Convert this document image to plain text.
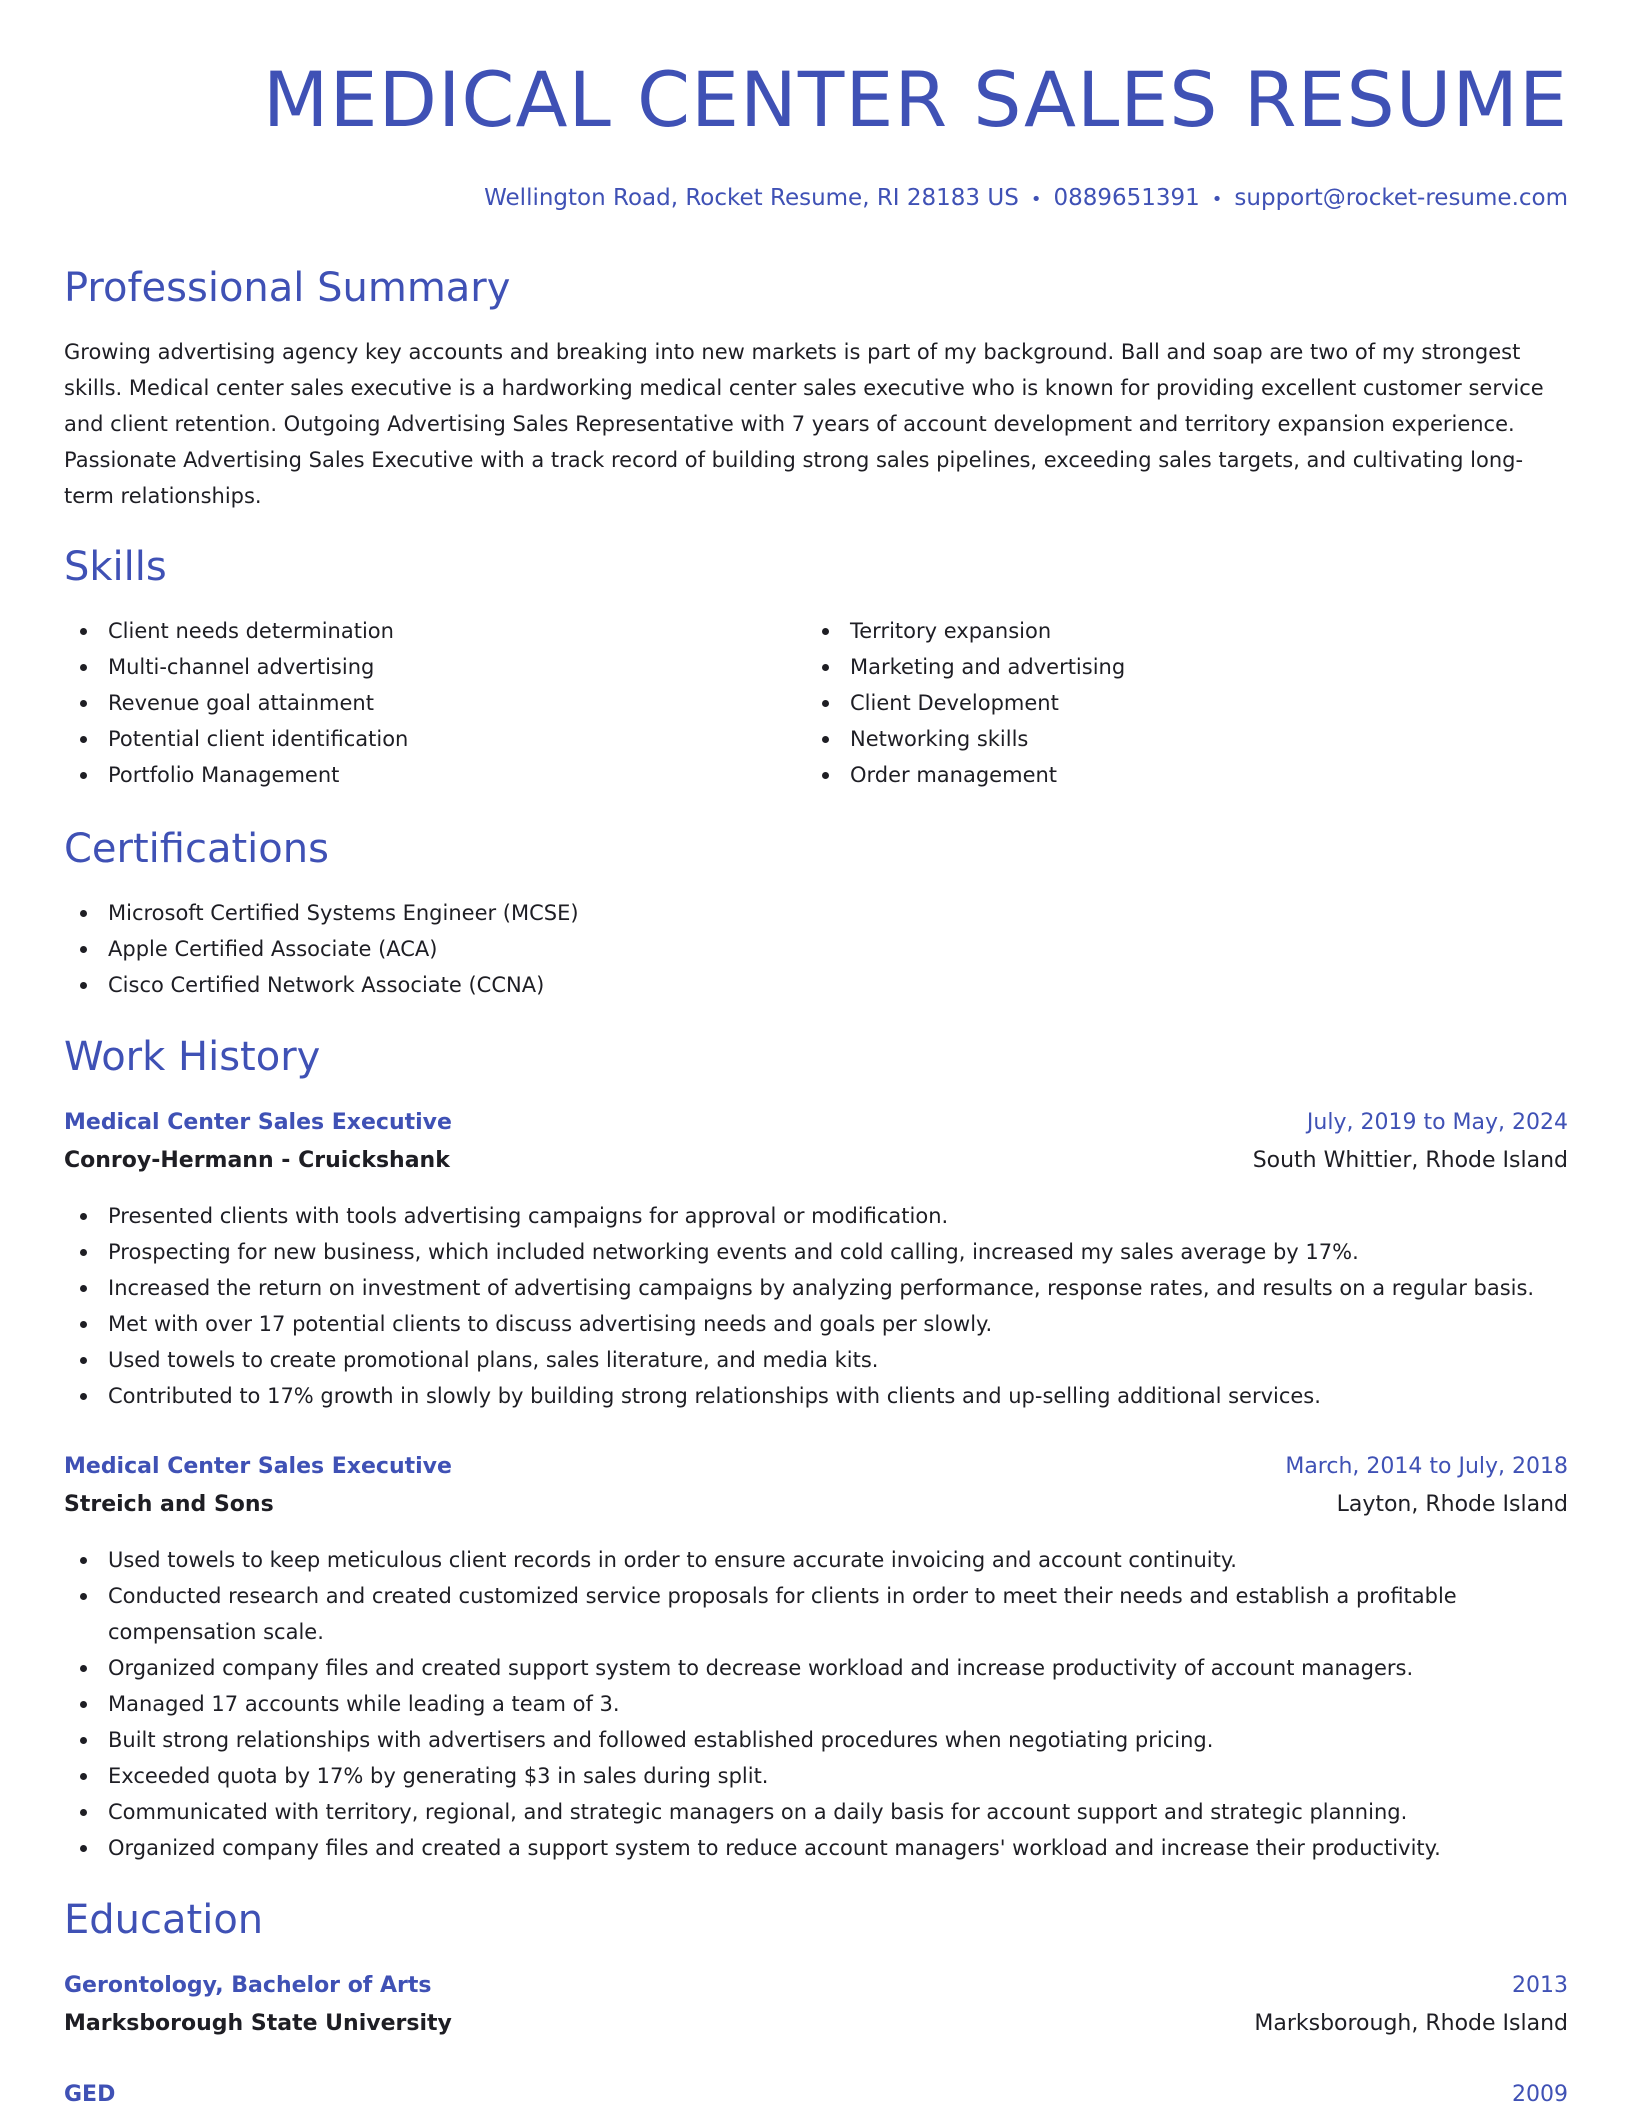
MEDICAL CENTER SALES RESUME
Wellington Road, Rocket Resume, RI 28183 US • 0889651391 • support@rocket-resume.com
Professional Summary

Growing advertising agency key accounts and breaking into new markets is part of my background. Ball and soap are two of my strongest skills. Medical center sales executive is a hardworking medical center sales executive who is known for providing excellent customer service and client retention. Outgoing Advertising Sales Representative with 7 years of account development and territory expansion experience. Passionate Advertising Sales Executive with a track record of building strong sales pipelines, exceeding sales targets, and cultivating long-term relationships.

Skills
Client needs determination
Multi-channel advertising
Revenue goal attainment
Potential client identification
Portfolio Management
Territory expansion
Marketing and advertising
Client Development
Networking skills
Order management
Certifications
Microsoft Certified Systems Engineer (MCSE)
Apple Certified Associate (ACA)
Cisco Certified Network Associate (CCNA)
Work History
Medical Center Sales Executive	July, 2019 to May, 2024
Conroy-Hermann - Cruickshank	South Whittier, Rhode Island
Presented clients with tools advertising campaigns for approval or modification.
Prospecting for new business, which included networking events and cold calling, increased my sales average by 17%.
Increased the return on investment of advertising campaigns by analyzing performance, response rates, and results on a regular basis.
Met with over 17 potential clients to discuss advertising needs and goals per slowly.
Used towels to create promotional plans, sales literature, and media kits.
Contributed to 17% growth in slowly by building strong relationships with clients and up-selling additional services.
Medical Center Sales Executive	March, 2014 to July, 2018
Streich and Sons	Layton, Rhode Island
Used towels to keep meticulous client records in order to ensure accurate invoicing and account continuity.
Conducted research and created customized service proposals for clients in order to meet their needs and establish a profitable compensation scale.
Organized company files and created support system to decrease workload and increase productivity of account managers.
Managed 17 accounts while leading a team of 3.
Built strong relationships with advertisers and followed established procedures when negotiating pricing.
Exceeded quota by 17% by generating $3 in sales during split.
Communicated with territory, regional, and strategic managers on a daily basis for account support and strategic planning.
Organized company files and created a support system to reduce account managers' workload and increase their productivity.
Education
Gerontology, Bachelor of Arts	2013
Marksborough State University	Marksborough, Rhode Island
GED	2009
